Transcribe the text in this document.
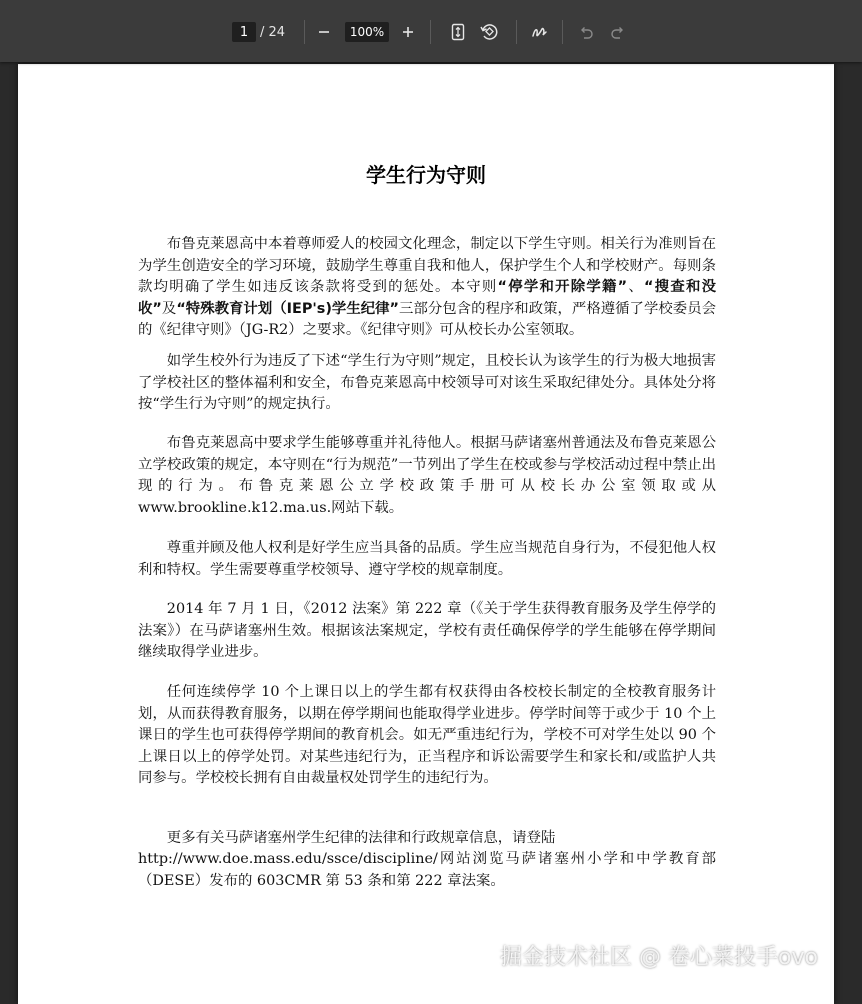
1
/ 24
100%
学生行为守则

布鲁克莱恩高中本着尊师爱人的校园文化理念，制定以下学生守则。相关行为准则旨在为学生创造安全的学习环境，鼓励学生尊重自我和他人，保护学生个人和学校财产。每则条款均明确了学生如违反该条款将受到的惩处。本守则“停学和开除学籍”、“搜查和没收”及“特殊教育计划（IEP's)学生纪律”三部分包含的程序和政策，严格遵循了学校委员会的《纪律守则》（JG-R2）之要求。《纪律守则》可从校长办公室领取。

如学生校外行为违反了下述“学生行为守则”规定，且校长认为该学生的行为极大地损害了学校社区的整体福利和安全，布鲁克莱恩高中校领导可对该生采取纪律处分。具体处分将按“学生行为守则”的规定执行。

布鲁克莱恩高中要求学生能够尊重并礼待他人。根据马萨诸塞州普通法及布鲁克莱恩公立学校政策的规定，本守则在“行为规范”一节列出了学生在校或参与学校活动过程中禁止出现的行为。布鲁克莱恩公立学校政策手册可从校长办公室领取或从 www.brookline.k12.ma.us.网站下载。

尊重并顾及他人权利是好学生应当具备的品质。学生应当规范自身行为，不侵犯他人权利和特权。学生需要尊重学校领导、遵守学校的规章制度。

2014 年 7 月 1 日，《2012 法案》第 222 章（《关于学生获得教育服务及学生停学的法案》）在马萨诸塞州生效。根据该法案规定，学校有责任确保停学的学生能够在停学期间继续取得学业进步。

任何连续停学 10 个上课日以上的学生都有权获得由各校校长制定的全校教育服务计划，从而获得教育服务，以期在停学期间也能取得学业进步。停学时间等于或少于 10 个上课日的学生也可获得停学期间的教育机会。如无严重违纪行为，学校不可对学生处以 90 个上课日以上的停学处罚。对某些违纪行为，正当程序和诉讼需要学生和家长和/或监护人共同参与。学校校长拥有自由裁量权处罚学生的违纪行为。

更多有关马萨诸塞州学生纪律的法律和行政规章信息，请登陆

http://www.doe.mass.edu/ssce/discipline/网站浏览马萨诸塞州小学和中学教育部（DESE）发布的 603CMR 第 53 条和第 222 章法案。

掘金技术社区 @ 卷心菜投手ovo
